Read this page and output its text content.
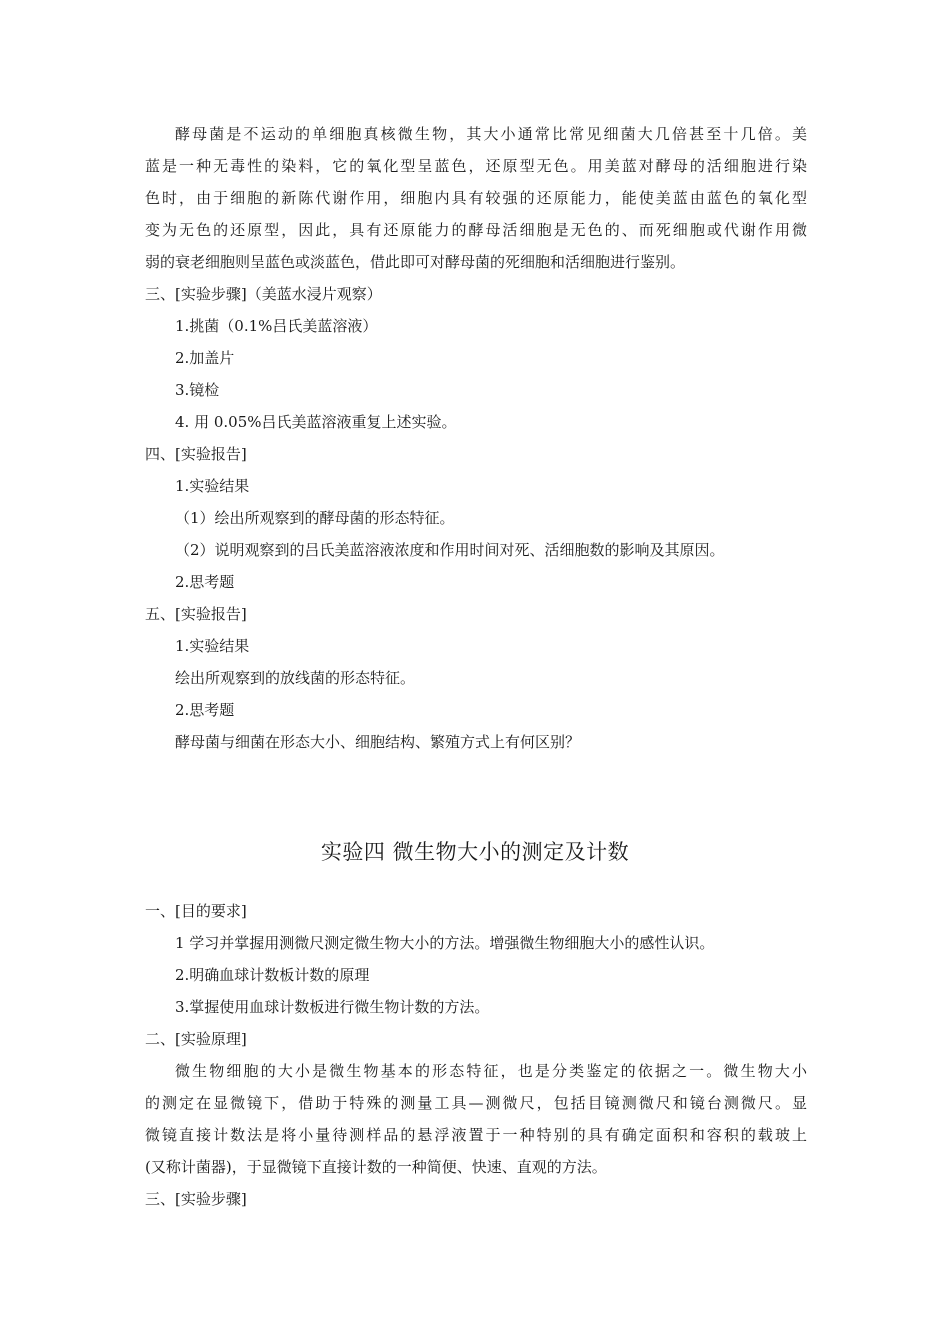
酵母菌是不运动的单细胞真核微生物，其大小通常比常见细菌大几倍甚至十几倍。美
蓝是一种无毒性的染料，它的氧化型呈蓝色，还原型无色。用美蓝对酵母的活细胞进行染
色时，由于细胞的新陈代谢作用，细胞内具有较强的还原能力，能使美蓝由蓝色的氧化型
变为无色的还原型，因此，具有还原能力的酵母活细胞是无色的、而死细胞或代谢作用微
弱的衰老细胞则呈蓝色或淡蓝色，借此即可对酵母菌的死细胞和活细胞进行鉴别。
三、[实验步骤]（美蓝水浸片观察）
1.挑菌（0.1%吕氏美蓝溶液）
2.加盖片
3.镜检
4. 用 0.05%吕氏美蓝溶液重复上述实验。
四、[实验报告]
1.实验结果
（1）绘出所观察到的酵母菌的形态特征。
（2）说明观察到的吕氏美蓝溶液浓度和作用时间对死、活细胞数的影响及其原因。
2.思考题
五、[实验报告]
1.实验结果
绘出所观察到的放线菌的形态特征。
2.思考题
酵母菌与细菌在形态大小、细胞结构、繁殖方式上有何区别？
实验四 微生物大小的测定及计数
一、[目的要求]
1 学习并掌握用测微尺测定微生物大小的方法。增强微生物细胞大小的感性认识。
2.明确血球计数板计数的原理
3.掌握使用血球计数板进行微生物计数的方法。
二、[实验原理]
微生物细胞的大小是微生物基本的形态特征，也是分类鉴定的依据之一。微生物大小
的测定在显微镜下，借助于特殊的测量工具—测微尺，包括目镜测微尺和镜台测微尺。显
微镜直接计数法是将小量待测样品的悬浮液置于一种特别的具有确定面积和容积的载玻上
(又称计菌器)，于显微镜下直接计数的一种简便、快速、直观的方法。
三、[实验步骤]
